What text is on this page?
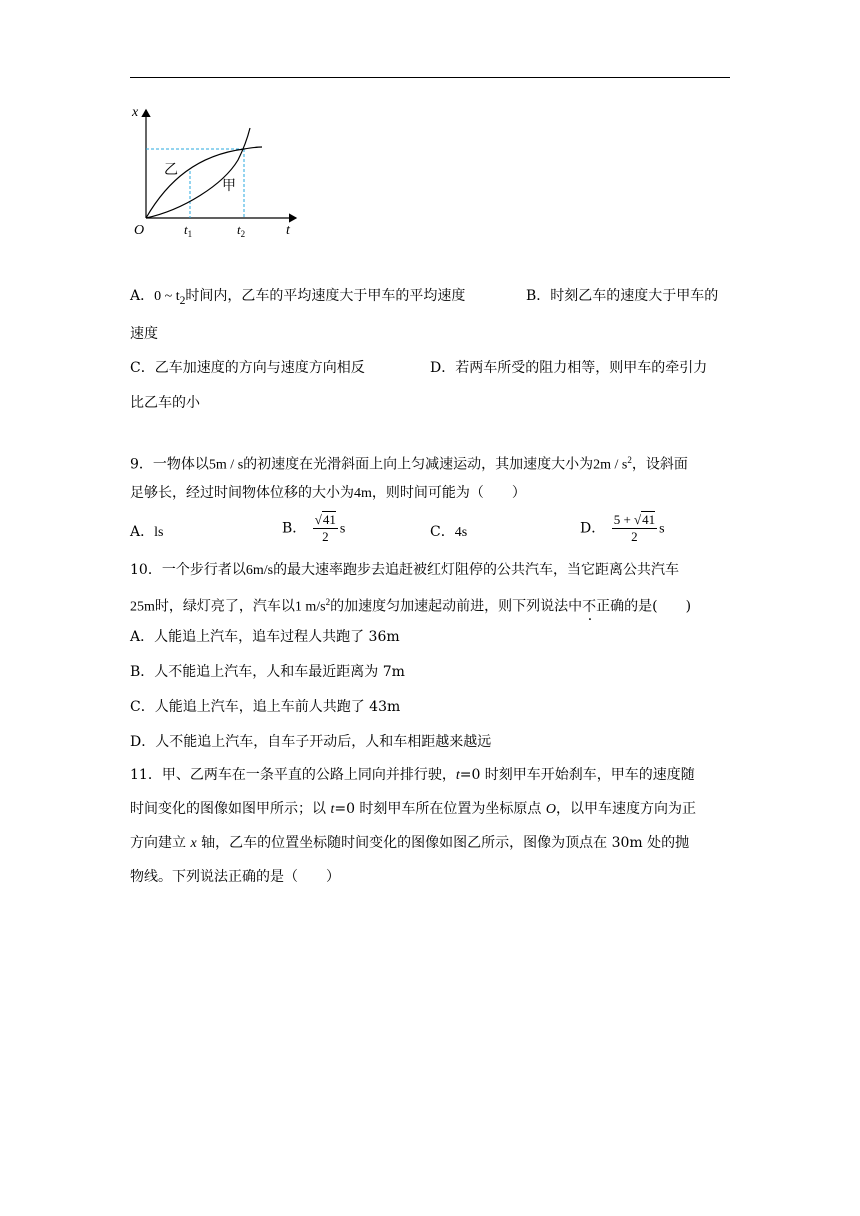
x
t
O	$t_1$	$t_2$
乙
甲
A．0 ~ $t_2$时间内，乙车的平均速度大于甲车的平均速度	B．时刻乙车的速度大于甲车的
速度
C．乙车加速度的方向与速度方向相反	D．若两车所受的阻力相等，则甲车的牵引力
比乙车的小
9．一物体以5m / s的初速度在光滑斜面上向上匀减速运动，其加速度大小为$2m / s^2$，设斜面
足够长，经过时间物体位移的大小为4m，则时间可能为（　　）
A．ls	B． $\frac{√41}{2}$ s	C．4s	D． $\frac{5 + √41}{2}$ s
10．一个步行者以6m/s的最大速率跑步去追赶被红灯阻停的公共汽车，当它距离公共汽车
25m时，绿灯亮了，汽车以1 $m/s^2$的加速度匀加速起动前进，则下列说法中不正确的是(　　)
A．人能追上汽车，追车过程人共跑了 36m
B．人不能追上汽车，人和车最近距离为 7m
C．人能追上汽车，追上车前人共跑了 43m
D．人不能追上汽车，自车子开动后，人和车相距越来越远
11．甲、乙两车在一条平直的公路上同向并排行驶，t=0 时刻甲车开始刹车，甲车的速度随
时间变化的图像如图甲所示；以 t=0 时刻甲车所在位置为坐标原点 O，以甲车速度方向为正
方向建立 x 轴，乙车的位置坐标随时间变化的图像如图乙所示，图像为顶点在 30m 处的抛
物线。下列说法正确的是（　　）
